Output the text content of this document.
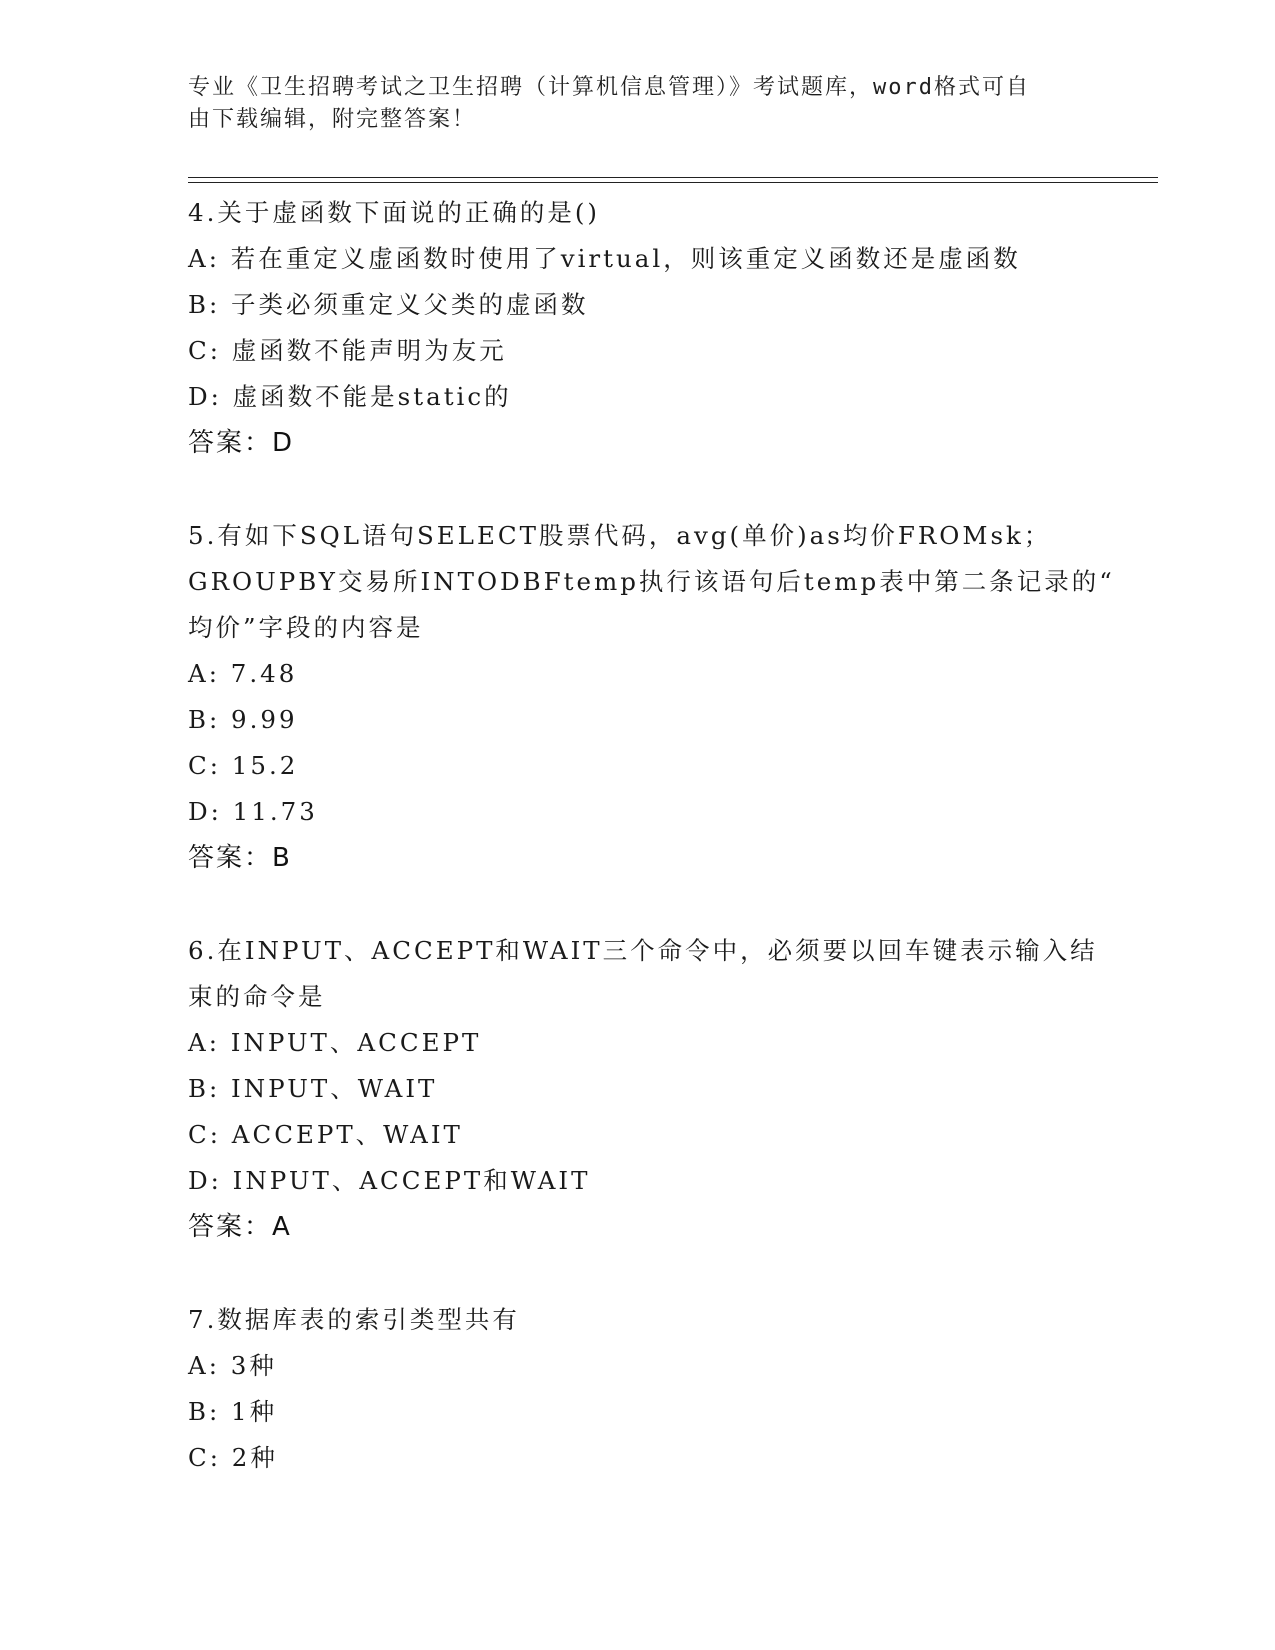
专业《卫生招聘考试之卫生招聘（计算机信息管理）》考试题库，word格式可自
由下载编辑，附完整答案！
4.关于虚函数下面说的正确的是()
A: 若在重定义虚函数时使用了virtual，则该重定义函数还是虚函数
B: 子类必须重定义父类的虚函数
C: 虚函数不能声明为友元
D: 虚函数不能是static的
答案：D
5.有如下SQL语句SELECT股票代码，avg(单价)as均价FROMsk；
GROUPBY交易所INTODBFtemp执行该语句后temp表中第二条记录的“
均价”字段的内容是
A: 7.48
B: 9.99
C: 15.2
D: 11.73
答案：B
6.在INPUT、ACCEPT和WAIT三个命令中，必须要以回车键表示输入结
束的命令是
A: INPUT、ACCEPT
B: INPUT、WAIT
C: ACCEPT、WAIT
D: INPUT、ACCEPT和WAIT
答案：A
7.数据库表的索引类型共有
A: 3种
B: 1种
C: 2种
